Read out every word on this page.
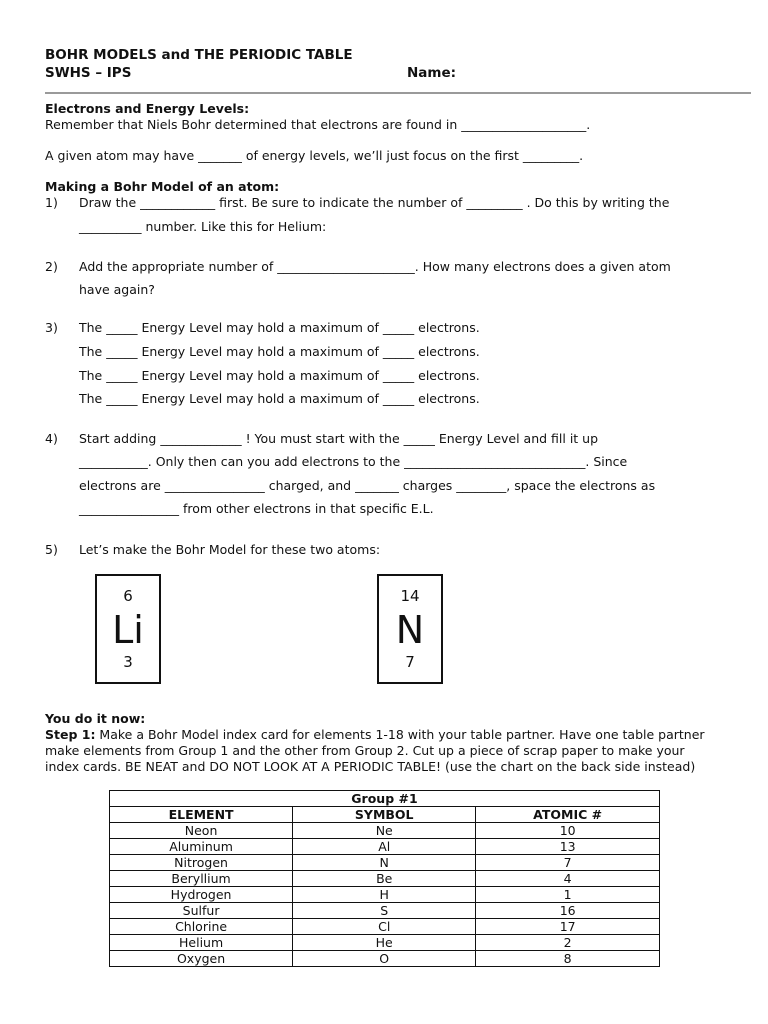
BOHR MODELS and THE PERIODIC TABLE
SWHS – IPS	Name:
Electrons and Energy Levels:
Remember that Niels Bohr determined that electrons are found in ____________________.
A given atom may have _______ of energy levels, we’ll just focus on the first _________.
Making a Bohr Model of an atom:
1) Draw the ____________ first. Be sure to indicate the number of _________ . Do this by writing the
__________ number. Like this for Helium:
2) Add the appropriate number of ______________________. How many electrons does a given atom
have again?
3) The _____ Energy Level may hold a maximum of _____ electrons.
The _____ Energy Level may hold a maximum of _____ electrons.
The _____ Energy Level may hold a maximum of _____ electrons.
The _____ Energy Level may hold a maximum of _____ electrons.
4) Start adding _____________ ! You must start with the _____ Energy Level and fill it up
___________. Only then can you add electrons to the _____________________________. Since
electrons are ________________ charged, and _______ charges ________, space the electrons as
________________ from other electrons in that specific E.L.
5) Let’s make the Bohr Model for these two atoms:
6
Li
3
14
N
7
You do it now:
Step 1: Make a Bohr Model index card for elements 1-18 with your table partner. Have one table partner
make elements from Group 1 and the other from Group 2. Cut up a piece of scrap paper to make your
index cards. BE NEAT and DO NOT LOOK AT A PERIODIC TABLE! (use the chart on the back side instead)
Group #1		
ELEMENT	SYMBOL	ATOMIC #
Neon	Ne	10
Aluminum	Al	13
Nitrogen	N	7
Beryllium	Be	4
Hydrogen	H	1
Sulfur	S	16
Chlorine	Cl	17
Helium	He	2
Oxygen	O	8
